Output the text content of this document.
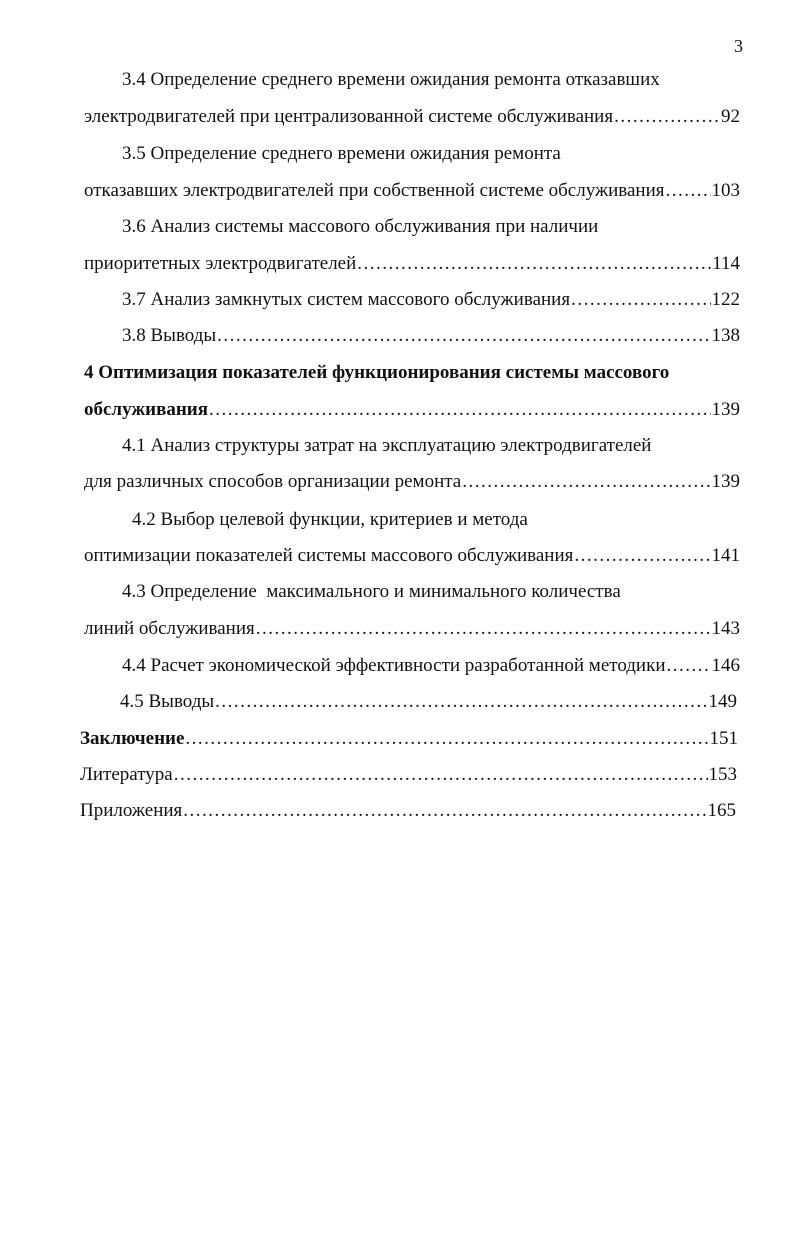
3
3.4 Определение среднего времени ожидания ремонта отказавших
электродвигателей при централизованной системе обслуживания .....	92
3.5 Определение среднего времени ожидания ремонта
отказавших электродвигателей при собственной системе обслуживания ..... 103
3.6 Анализ системы массового обслуживания при наличии
приоритетных электродвигателей .....	114
3.7 Анализ замкнутых систем массового обслуживания .....	122
3.8 Выводы .....	138
4 Оптимизация показателей функционирования системы массового
обслуживания .....	139
4.1 Анализ структуры затрат на эксплуатацию электродвигателей
для различных способов организации ремонта .....	139
4.2 Выбор целевой функции, критериев и метода
оптимизации показателей системы массового обслуживания .....	141
4.3 Определение  максимального и минимального количества
линий обслуживания .....	143
4.4 Расчет экономической эффективности разработанной методики ..... 146
4.5 Выводы .....	149
Заключение .....	151
Литература .....	153
Приложения .....	165
